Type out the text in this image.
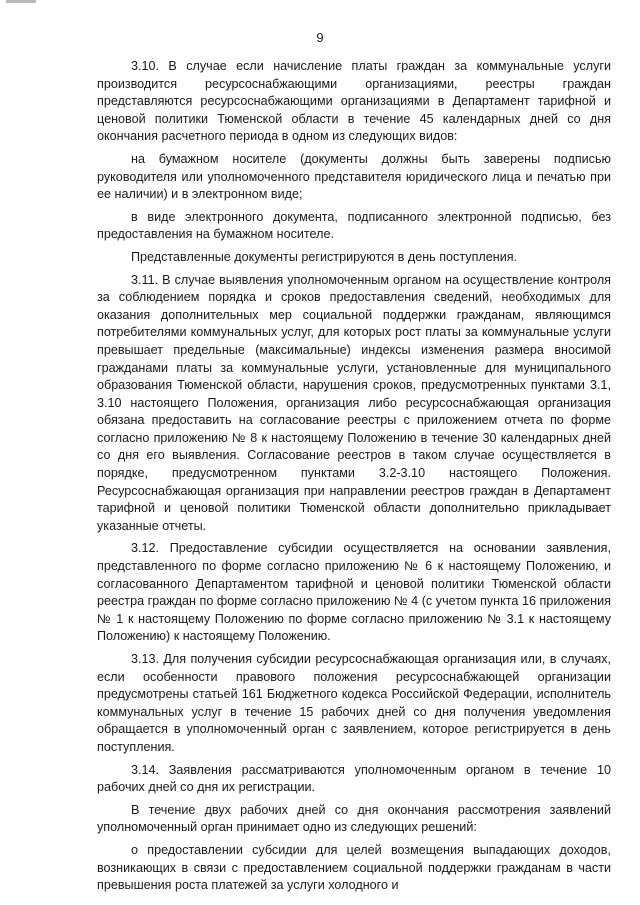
9

3.10. В случае если начисление платы граждан за коммунальные услуги производится ресурсоснабжающими организациями, реестры граждан представляются ресурсоснабжающими организациями в Департамент тарифной и ценовой политики Тюменской области в течение 45 календарных дней со дня окончания расчетного периода в одном из следующих видов:

на бумажном носителе (документы должны быть заверены подписью руководителя или уполномоченного представителя юридического лица и печатью при ее наличии) и в электронном виде;

в виде электронного документа, подписанного электронной подписью, без предоставления на бумажном носителе.

Представленные документы регистрируются в день поступления.

3.11. В случае выявления уполномоченным органом на осуществление контроля за соблюдением порядка и сроков предоставления сведений, необходимых для оказания дополнительных мер социальной поддержки гражданам, являющимся потребителями коммунальных услуг, для которых рост платы за коммунальные услуги превышает предельные (максимальные) индексы изменения размера вносимой гражданами платы за коммунальные услуги, установленные для муниципального образования Тюменской области, нарушения сроков, предусмотренных пунктами 3.1, 3.10 настоящего Положения, организация либо ресурсоснабжающая организация обязана предоставить на согласование реестры с приложением отчета по форме согласно приложению № 8 к настоящему Положению в течение 30 календарных дней со дня его выявления. Согласование реестров в таком случае осуществляется в порядке, предусмотренном пунктами 3.2-3.10 настоящего Положения. Ресурсоснабжающая организация при направлении реестров граждан в Департамент тарифной и ценовой политики Тюменской области дополнительно прикладывает указанные отчеты.

3.12. Предоставление субсидии осуществляется на основании заявления, представленного по форме согласно приложению № 6 к настоящему Положению, и согласованного Департаментом тарифной и ценовой политики Тюменской области реестра граждан по форме согласно приложению № 4 (с учетом пункта 16 приложения № 1 к настоящему Положению по форме согласно приложению № 3.1 к настоящему Положению) к настоящему Положению.

3.13. Для получения субсидии ресурсоснабжающая организация или, в случаях, если особенности правового положения ресурсоснабжающей организации предусмотрены статьей 161 Бюджетного кодекса Российской Федерации, исполнитель коммунальных услуг в течение 15 рабочих дней со дня получения уведомления обращается в уполномоченный орган с заявлением, которое регистрируется в день поступления.

3.14. Заявления рассматриваются уполномоченным органом в течение 10 рабочих дней со дня их регистрации.

В течение двух рабочих дней со дня окончания рассмотрения заявлений уполномоченный орган принимает одно из следующих решений:

о предоставлении субсидии для целей возмещения выпадающих доходов, возникающих в связи с предоставлением социальной поддержки гражданам в части превышения роста платежей за услуги холодного и
